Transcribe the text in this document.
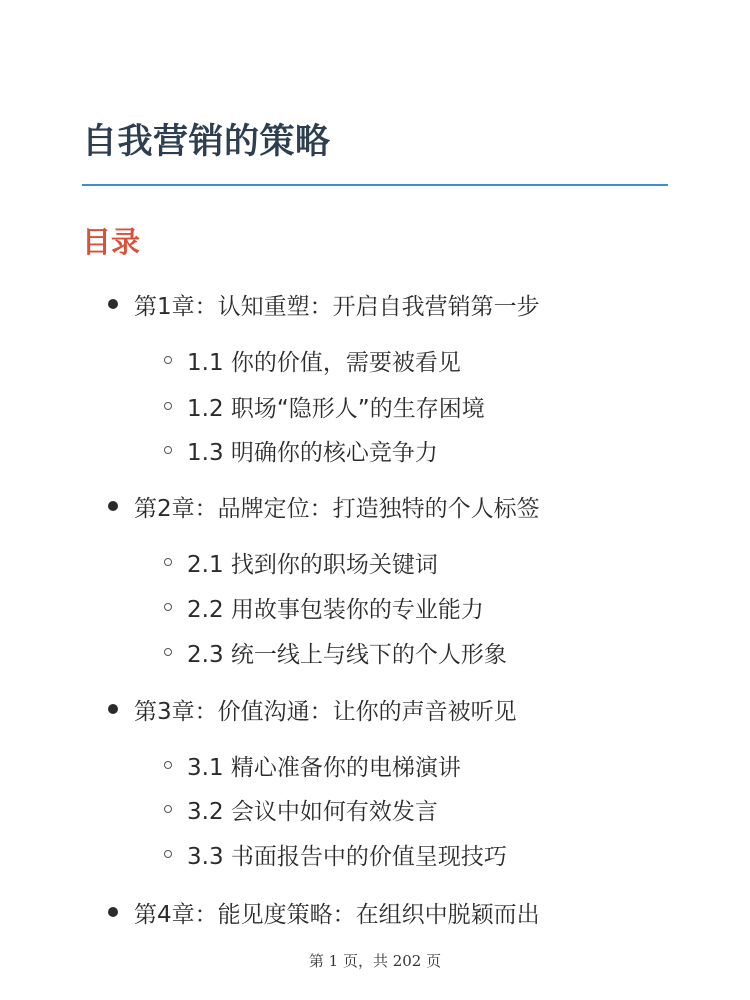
自我营销的策略
目录
第1章：认知重塑：开启自我营销第一步
1.1 你的价值，需要被看见
1.2 职场“隐形人”的生存困境
1.3 明确你的核心竞争力
第2章：品牌定位：打造独特的个人标签
2.1 找到你的职场关键词
2.2 用故事包装你的专业能力
2.3 统一线上与线下的个人形象
第3章：价值沟通：让你的声音被听见
3.1 精心准备你的电梯演讲
3.2 会议中如何有效发言
3.3 书面报告中的价值呈现技巧
第4章：能见度策略：在组织中脱颖而出
第 1 页，共 202 页
